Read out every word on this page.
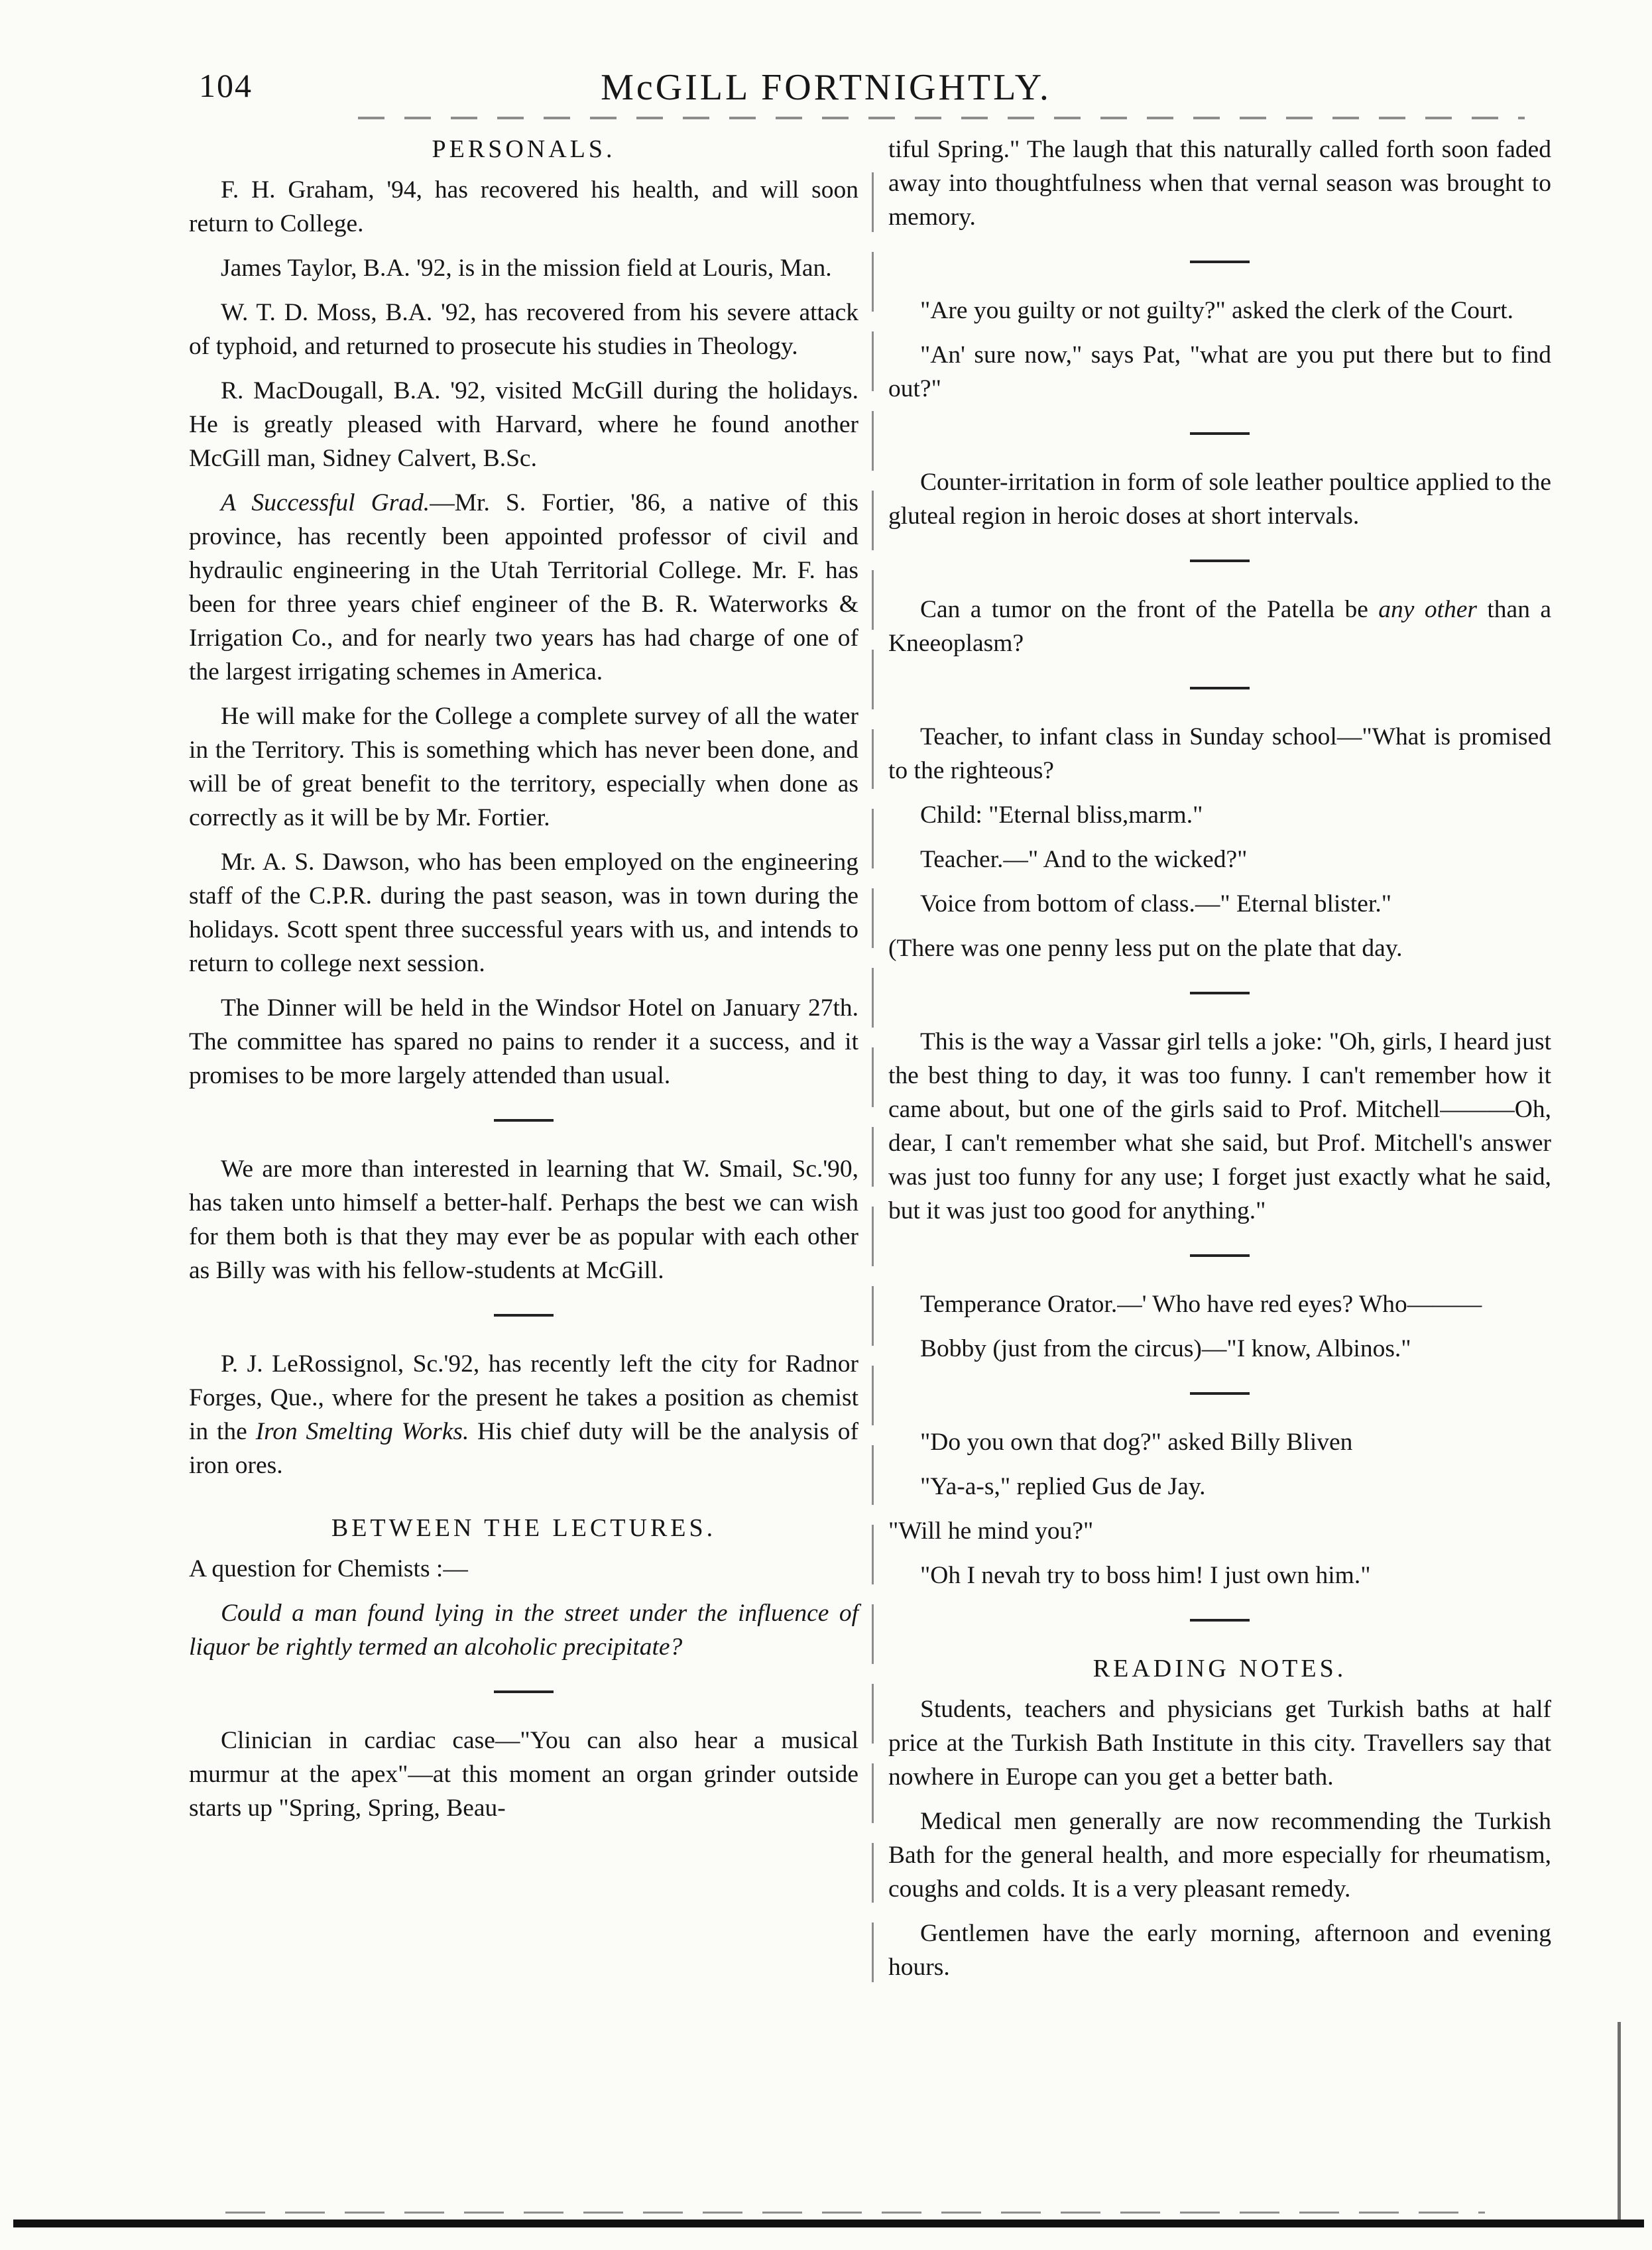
104	McGILL FORTNIGHTLY.
PERSONALS.

F. H. Graham, '94, has recovered his health, and will soon return to College.

James Taylor, B.A. '92, is in the mission field at Louris, Man.

W. T. D. Moss, B.A. '92, has recovered from his severe attack of typhoid, and returned to prosecute his studies in Theology.

R. MacDougall, B.A. '92, visited McGill during the holidays. He is greatly pleased with Harvard, where he found another McGill man, Sidney Calvert, B.Sc.

A Successful Grad.—Mr. S. Fortier, '86, a native of this province, has recently been appointed professor of civil and hydraulic engineering in the Utah Territorial College. Mr. F. has been for three years chief engineer of the B. R. Waterworks & Irrigation Co., and for nearly two years has had charge of one of the largest irrigating schemes in America.

He will make for the College a complete survey of all the water in the Territory. This is something which has never been done, and will be of great benefit to the territory, especially when done as correctly as it will be by Mr. Fortier.

Mr. A. S. Dawson, who has been employed on the engineering staff of the C.P.R. during the past season, was in town during the holidays. Scott spent three successful years with us, and intends to return to college next session.

The Dinner will be held in the Windsor Hotel on January 27th. The committee has spared no pains to render it a success, and it promises to be more largely attended than usual.

We are more than interested in learning that W. Smail, Sc.'90, has taken unto himself a better-half. Perhaps the best we can wish for them both is that they may ever be as popular with each other as Billy was with his fellow-students at McGill.

P. J. LeRossignol, Sc.'92, has recently left the city for Radnor Forges, Que., where for the present he takes a position as chemist in the Iron Smelting Works. His chief duty will be the analysis of iron ores.

BETWEEN THE LECTURES.

A question for Chemists :—

Could a man found lying in the street under the influence of liquor be rightly termed an alcoholic precipitate?

Clinician in cardiac case—"You can also hear a musical murmur at the apex"—at this moment an organ grinder outside starts up "Spring, Spring, Beau-

tiful Spring." The laugh that this naturally called forth soon faded away into thoughtfulness when that vernal season was brought to memory.

"Are you guilty or not guilty?" asked the clerk of the Court.

"An' sure now," says Pat, "what are you put there but to find out?"

Counter-irritation in form of sole leather poultice applied to the gluteal region in heroic doses at short intervals.

Can a tumor on the front of the Patella be any other than a Kneeoplasm?

Teacher, to infant class in Sunday school—"What is promised to the righteous?

Child: "Eternal bliss,marm."

Teacher.—" And to the wicked?"

Voice from bottom of class.—" Eternal blister."

(There was one penny less put on the plate that day.

This is the way a Vassar girl tells a joke: "Oh, girls, I heard just the best thing to day, it was too funny. I can't remember how it came about, but one of the girls said to Prof. Mitchell———Oh, dear, I can't remember what she said, but Prof. Mitchell's answer was just too funny for any use; I forget just exactly what he said, but it was just too good for anything."

Temperance Orator.—' Who have red eyes? Who———

Bobby (just from the circus)—"I know, Albinos."

"Do you own that dog?" asked Billy Bliven

"Ya-a-s," replied Gus de Jay.

"Will he mind you?"

"Oh I nevah try to boss him! I just own him."

READING NOTES.

Students, teachers and physicians get Turkish baths at half price at the Turkish Bath Institute in this city. Travellers say that nowhere in Europe can you get a better bath.

Medical men generally are now recommending the Turkish Bath for the general health, and more especially for rheumatism, coughs and colds. It is a very pleasant remedy.

Gentlemen have the early morning, afternoon and evening hours.
